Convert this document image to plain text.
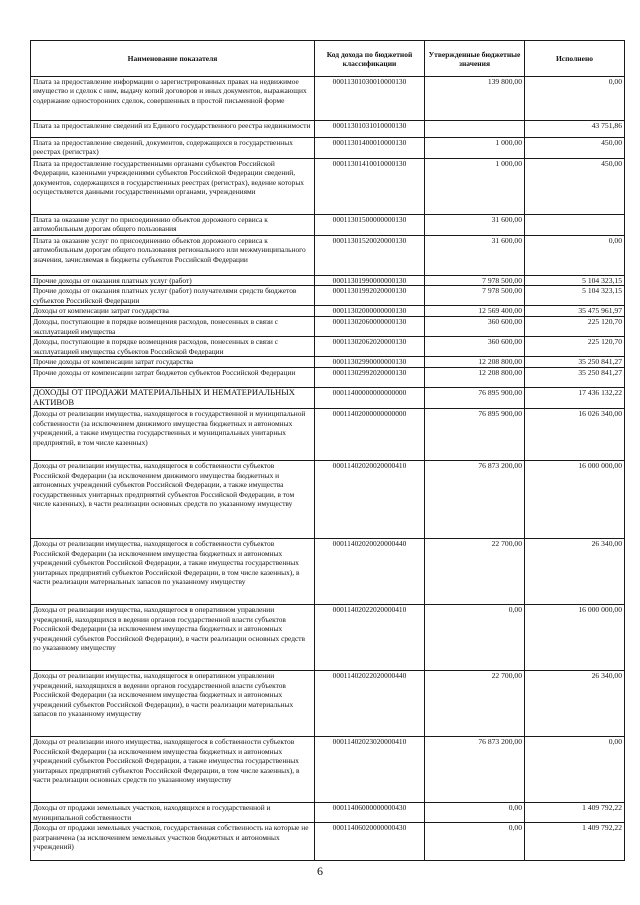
Наименование показателя	Код дохода по бюджетной классификации	Утвержденные бюджетные значения	Исполнено
Плата за предоставление информации о зарегистрированных правах на недвижимое имущество и сделок с ним, выдачу копий договоров и иных документов, выражающих содержание односторонних сделок, совершенных в простой письменной форме	00011301030010000130	139 800,00	0,00
Плата за предоставление сведений из Единого государственного реестра недвижимости	00011301031010000130		43 751,86
Плата за предоставление сведений, документов, содержащихся в государственных реестрах (регистрах)	00011301400010000130	1 000,00	450,00
Плата за предоставление государственными органами субъектов Российской Федерации, казенными учреждениями субъектов Российской Федерации сведений, документов, содержащихся в государственных реестрах (регистрах), ведение которых осуществляется данными государственными органами, учреждениями	00011301410010000130	1 000,00	450,00
Плата за оказание услуг по присоединению объектов дорожного сервиса к автомобильным дорогам общего пользования	00011301500000000130	31 600,00	
Плата за оказание услуг по присоединению объектов дорожного сервиса к автомобильным дорогам общего пользования регионального или межмуниципального значения, зачисляемая в бюджеты субъектов Российской Федерации	00011301520020000130	31 600,00	0,00
Прочие доходы от оказания платных услуг (работ)	00011301990000000130	7 978 500,00	5 104 323,15
Прочие доходы от оказания платных услуг (работ) получателями средств бюджетов субъектов Российской Федерации	00011301992020000130	7 978 500,00	5 104 323,15
Доходы от компенсации затрат государства	00011302000000000130	12 569 400,00	35 475 961,97
Доходы, поступающие в порядке возмещения расходов, понесенных в связи с эксплуатацией имущества	00011302060000000130	360 600,00	225 120,70
Доходы, поступающие в порядке возмещения расходов, понесенных в связи с эксплуатацией имущества субъектов Российской Федерации	00011302062020000130	360 600,00	225 120,70
Прочие доходы от компенсации затрат государства	00011302990000000130	12 208 800,00	35 250 841,27
Прочие доходы от компенсации затрат бюджетов субъектов Российской Федерации	00011302992020000130	12 208 800,00	35 250 841,27
ДОХОДЫ ОТ ПРОДАЖИ МАТЕРИАЛЬНЫХ И НЕМАТЕРИАЛЬНЫХ АКТИВОВ	00011400000000000000	76 895 900,00	17 436 132,22
Доходы от реализации имущества, находящегося в государственной и муниципальной собственности (за исключением движимого имущества бюджетных и автономных учреждений, а также имущества государственных и муниципальных унитарных предприятий, в том числе казенных)	00011402000000000000	76 895 900,00	16 026 340,00
Доходы от реализации имущества, находящегося в собственности субъектов Российской Федерации (за исключением движимого имущества бюджетных и автономных учреждений субъектов Российской Федерации, а также имущества государственных унитарных предприятий субъектов Российской Федерации, в том числе казенных), в части реализации основных средств по указанному имуществу	00011402020020000410	76 873 200,00	16 000 000,00
Доходы от реализации имущества, находящегося в собственности субъектов Российской Федерации (за исключением имущества бюджетных и автономных учреждений субъектов Российской Федерации, а также имущества государственных унитарных предприятий субъектов Российской Федерации, в том числе казенных), в части реализации материальных запасов по указанному имуществу	00011402020020000440	22 700,00	26 340,00
Доходы от реализации имущества, находящегося в оперативном управлении учреждений, находящихся в ведении органов государственной власти субъектов Российской Федерации (за исключением имущества бюджетных и автономных учреждений субъектов Российской Федерации), в части реализации основных средств по указанному имуществу	00011402022020000410	0,00	16 000 000,00
Доходы от реализации имущества, находящегося в оперативном управлении учреждений, находящихся в ведении органов государственной власти субъектов Российской Федерации (за исключением имущества бюджетных и автономных учреждений субъектов Российской Федерации), в части реализации материальных запасов по указанному имуществу	00011402022020000440	22 700,00	26 340,00
Доходы от реализации иного имущества, находящегося в собственности субъектов Российской Федерации (за исключением имущества бюджетных и автономных учреждений субъектов Российской Федерации, а также имущества государственных унитарных предприятий субъектов Российской Федерации, в том числе казенных), в части реализации основных средств по указанному имуществу	00011402023020000410	76 873 200,00	0,00
Доходы от продажи земельных участков, находящихся в государственной и муниципальной собственности	00011406000000000430	0,00	1 409 792,22
Доходы от продажи земельных участков, государственная собственность на которые не разграничена (за исключением земельных участков бюджетных и автономных учреждений)	00011406020000000430	0,00	1 409 792,22
6
